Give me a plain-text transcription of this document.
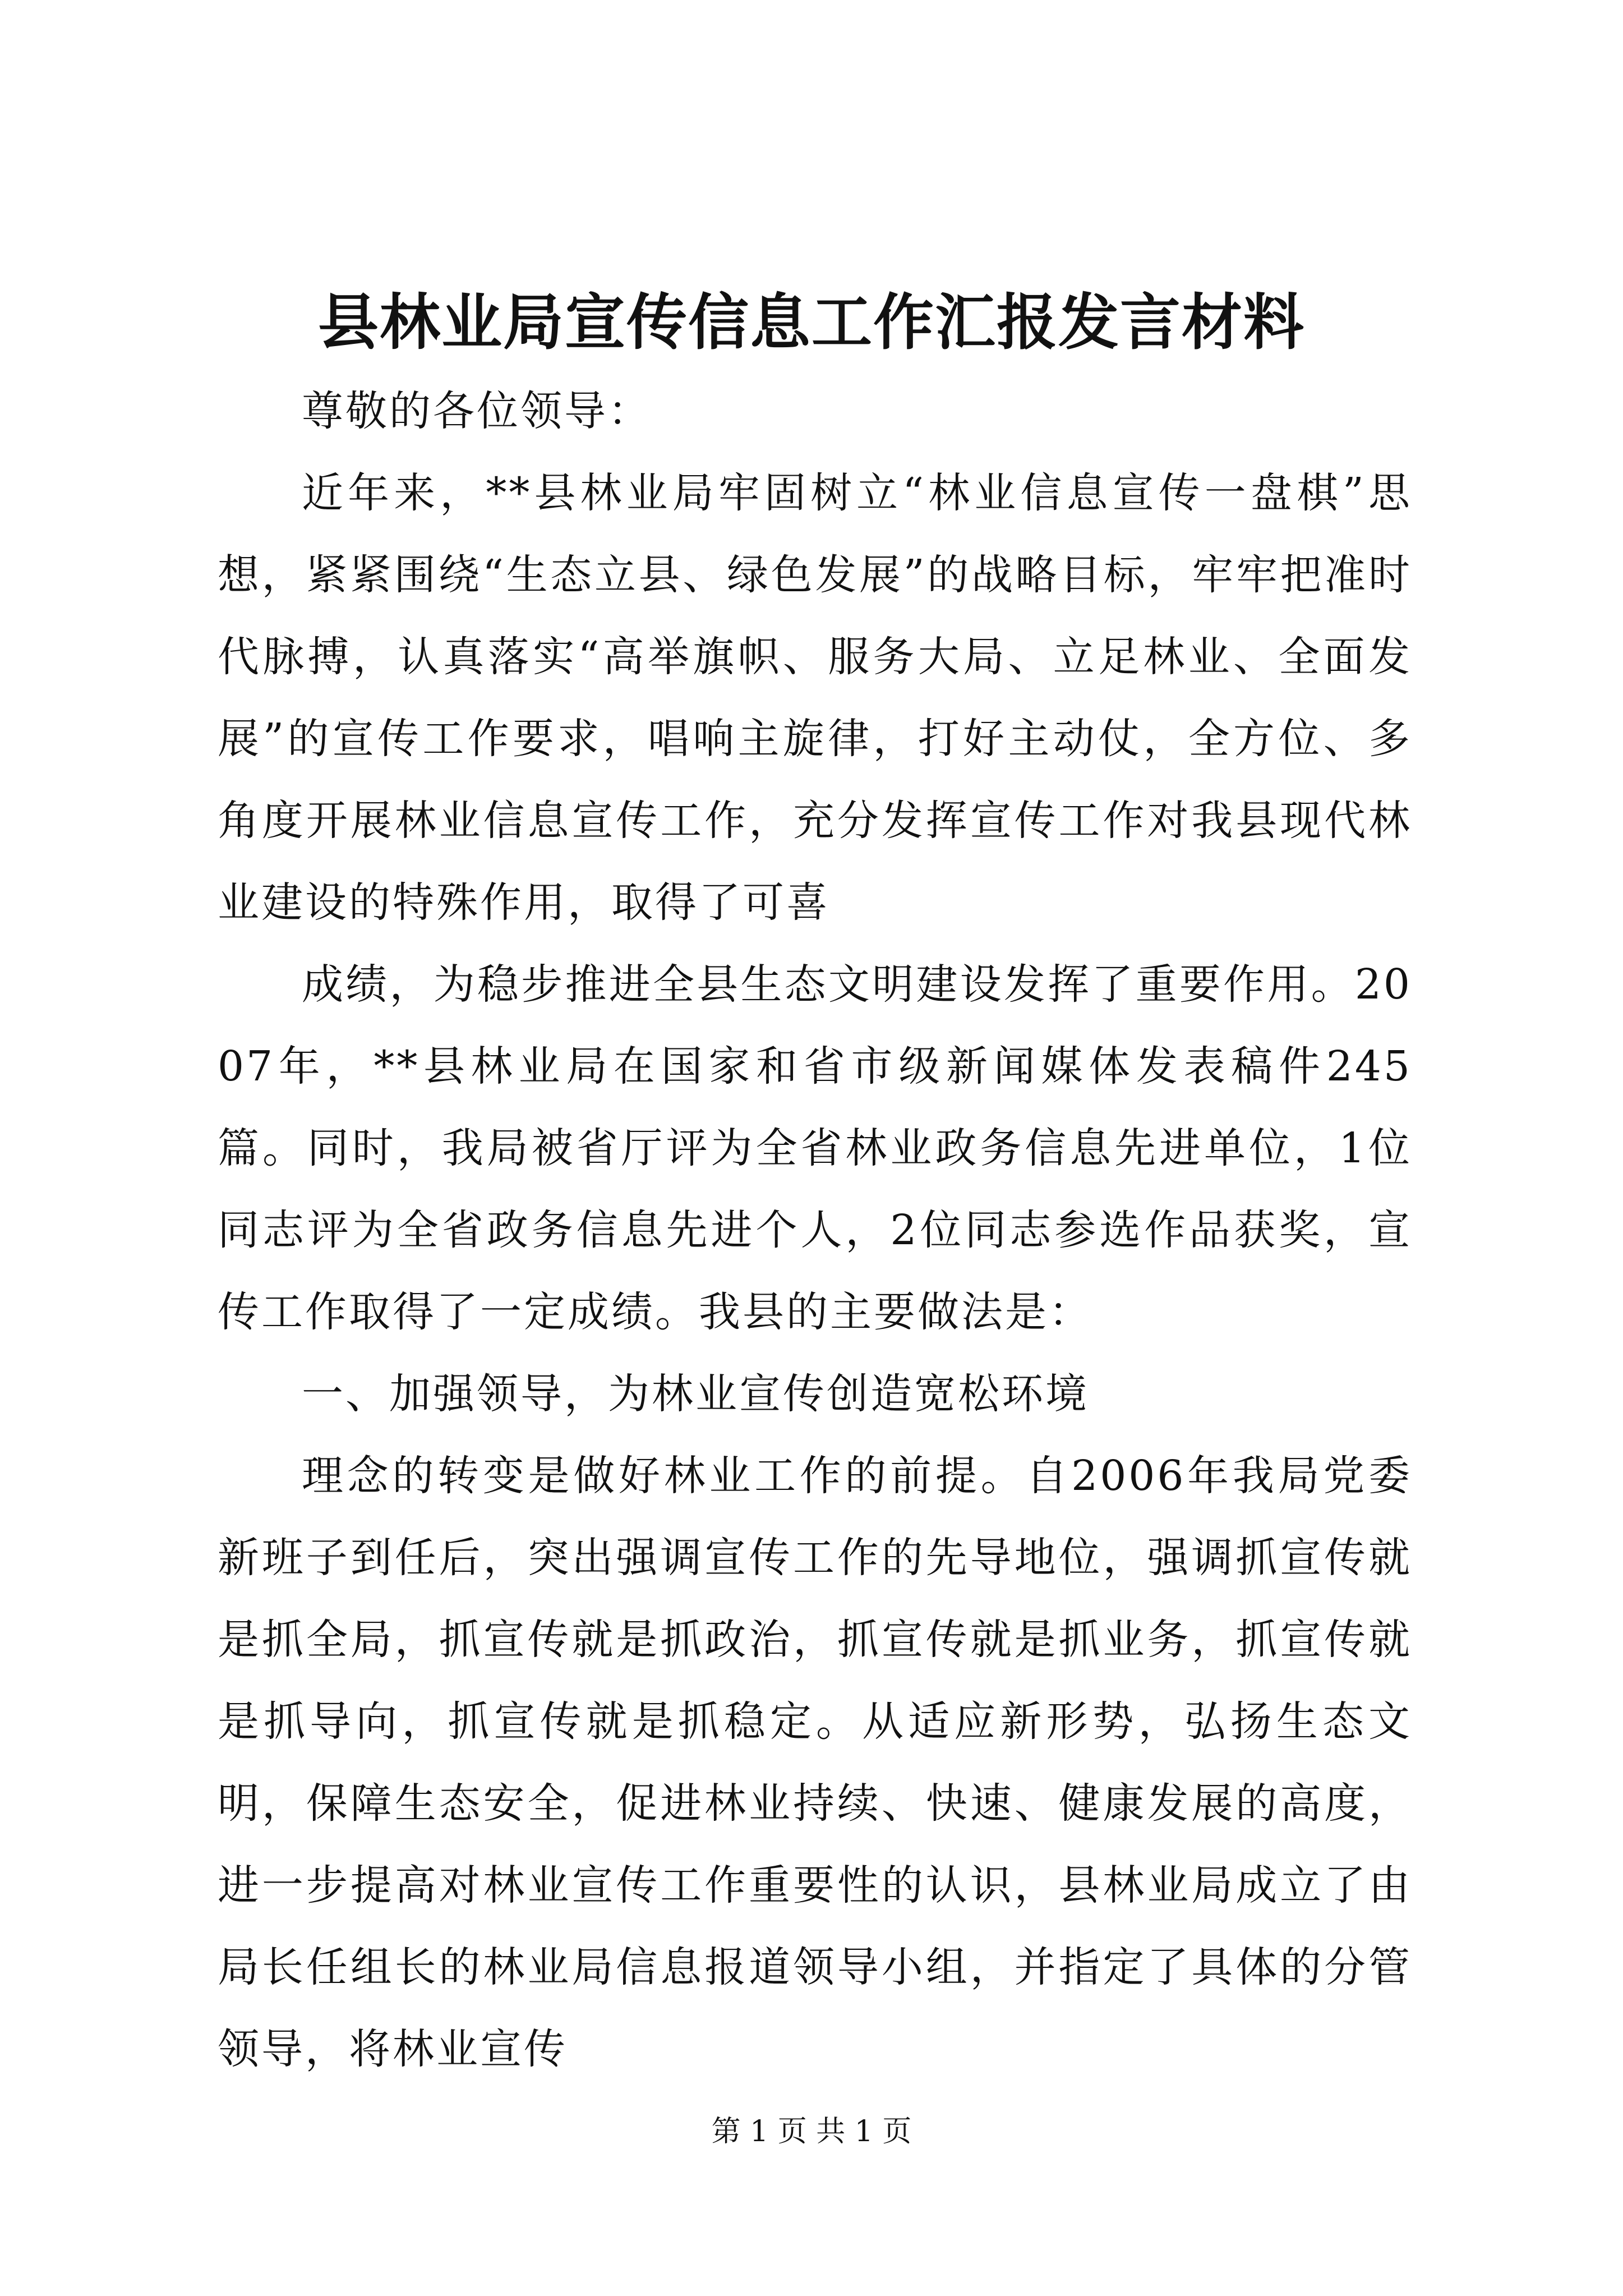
县林业局宣传信息工作汇报发言材料

尊敬的各位领导：

近年来，**县林业局牢固树立“林业信息宣传一盘棋”思想，紧紧围绕“生态立县、绿色发展”的战略目标，牢牢把准时代脉搏，认真落实“高举旗帜、服务大局、立足林业、全面发展”的宣传工作要求，唱响主旋律，打好主动仗，全方位、多角度开展林业信息宣传工作，充分发挥宣传工作对我县现代林业建设的特殊作用，取得了可喜

成绩，为稳步推进全县生态文明建设发挥了重要作用。2007年，**县林业局在国家和省市级新闻媒体发表稿件245篇。同时，我局被省厅评为全省林业政务信息先进单位，1位同志评为全省政务信息先进个人，2位同志参选作品获奖，宣传工作取得了一定成绩。我县的主要做法是：

一、加强领导，为林业宣传创造宽松环境

理念的转变是做好林业工作的前提。自2006年我局党委新班子到任后，突出强调宣传工作的先导地位，强调抓宣传就是抓全局，抓宣传就是抓政治，抓宣传就是抓业务，抓宣传就是抓导向，抓宣传就是抓稳定。从适应新形势，弘扬生态文明，保障生态安全，促进林业持续、快速、健康发展的高度，进一步提高对林业宣传工作重要性的认识，县林业局成立了由局长任组长的林业局信息报道领导小组，并指定了具体的分管领导，将林业宣传

第 1 页 共 1 页
